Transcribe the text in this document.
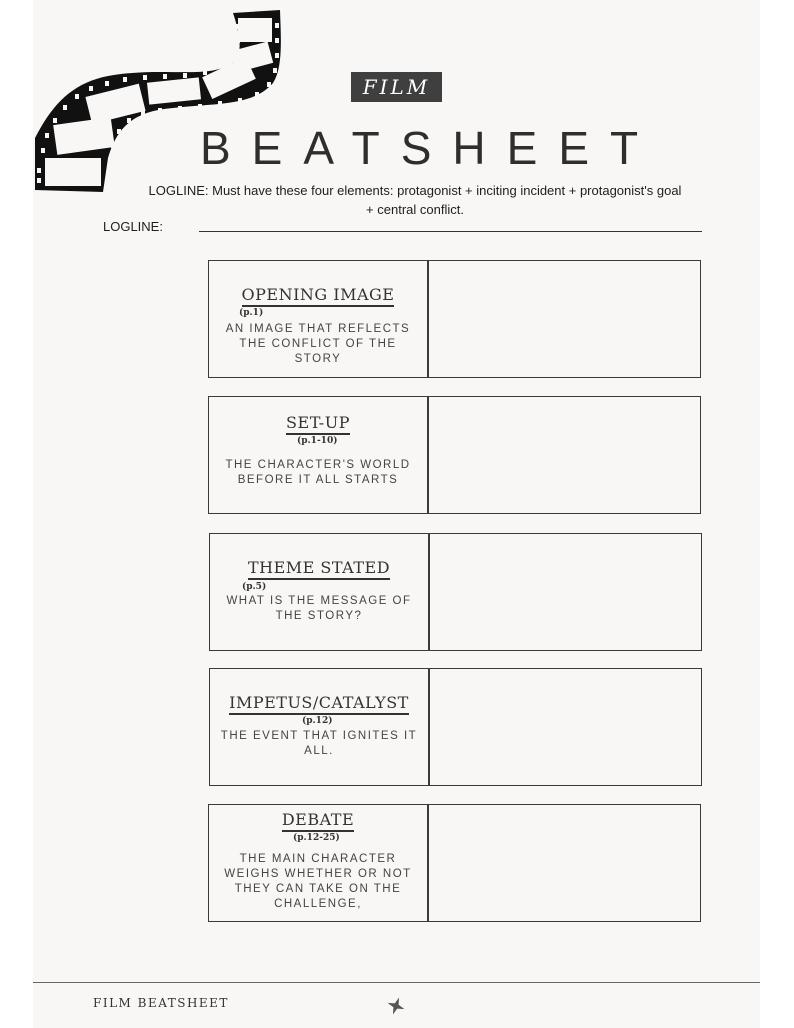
FILM
BEATSHEET
LOGLINE: Must have these four elements: protagonist + inciting incident + protagonist's goal
+ central conflict.
LOGLINE:
OPENING IMAGE
(p.1)
AN IMAGE THAT REFLECTS THE CONFLICT OF THE STORY
SET-UP
(p.1-10)
THE CHARACTER'S WORLD BEFORE IT ALL STARTS
THEME STATED
(p.5)
WHAT IS THE MESSAGE OF THE STORY?
IMPETUS/CATALYST
(p.12)
THE EVENT THAT IGNITES IT ALL.
DEBATE
(p.12-25)
THE MAIN CHARACTER WEIGHS WHETHER OR NOT THEY CAN TAKE ON THE CHALLENGE,
FILM BEATSHEET
